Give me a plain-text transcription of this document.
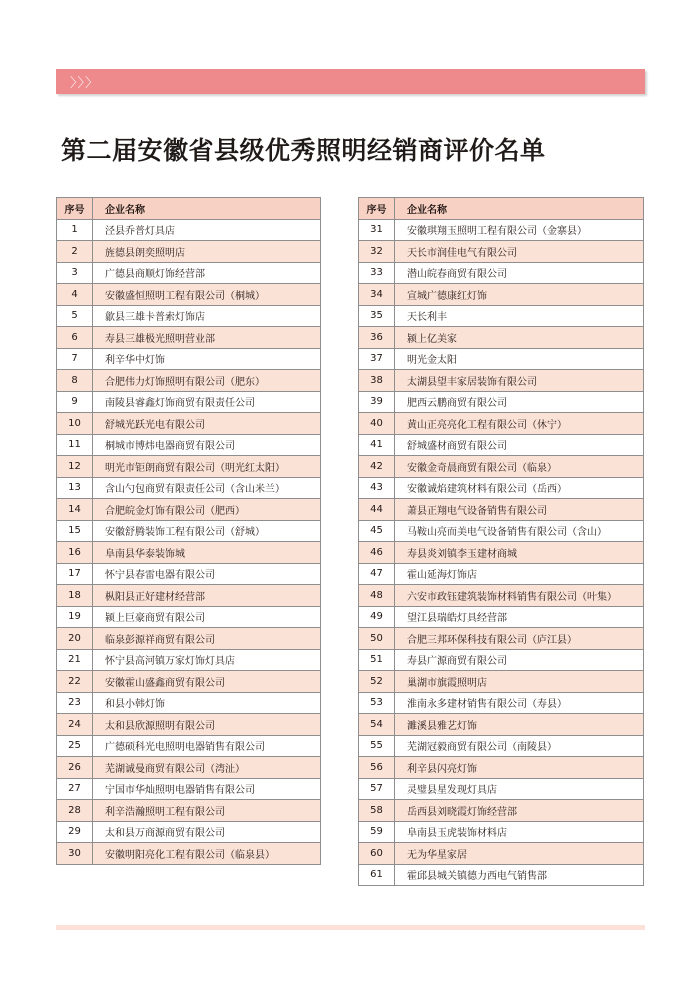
〉〉〉
第二届安徽省县级优秀照明经销商评价名单
序号	企业名称
1	泾县乔普灯具店
2	旌德县朗奕照明店
3	广德县商顺灯饰经营部
4	安徽盛恒照明工程有限公司（桐城）
5	歙县三雄卡普索灯饰店
6	寿县三雄极光照明营业部
7	利辛华中灯饰
8	合肥伟力灯饰照明有限公司（肥东）
9	南陵县睿鑫灯饰商贸有限责任公司
10	舒城光跃光电有限公司
11	桐城市博炜电器商贸有限公司
12	明光市钜朗商贸有限公司（明光红太阳）
13	含山勺包商贸有限责任公司（含山米兰）
14	合肥皖金灯饰有限公司（肥西）
15	安徽舒腾装饰工程有限公司（舒城）
16	阜南县华泰装饰城
17	怀宁县春雷电器有限公司
18	枞阳县正好建材经营部
19	颍上巨豪商贸有限公司
20	临泉彭源祥商贸有限公司
21	怀宁县高河镇万家灯饰灯具店
22	安徽霍山盛鑫商贸有限公司
23	和县小韩灯饰
24	太和县欣源照明有限公司
25	广德硕科光电照明电器销售有限公司
26	芜湖诚曼商贸有限公司（湾沚）
27	宁国市华灿照明电器销售有限公司
28	利辛浩瀚照明工程有限公司
29	太和县万商源商贸有限公司
30	安徽明阳亮化工程有限公司（临泉县）
序号	企业名称
31	安徽琪翔玉照明工程有限公司（金寨县）
32	天长市润佳电气有限公司
33	潜山皖春商贸有限公司
34	宣城广德康红灯饰
35	天长利丰
36	颍上亿美家
37	明光金太阳
38	太湖县望丰家居装饰有限公司
39	肥西云鹏商贸有限公司
40	黄山正亮亮化工程有限公司（休宁）
41	舒城盛材商贸有限公司
42	安徽金奇晨商贸有限公司（临泉）
43	安徽诚焰建筑材料有限公司（岳西）
44	萧县正翔电气设备销售有限公司
45	马鞍山亮而美电气设备销售有限公司（含山）
46	寿县炎刘镇李玉建材商城
47	霍山延海灯饰店
48	六安市政钰建筑装饰材料销售有限公司（叶集）
49	望江县瑞皓灯具经营部
50	合肥三邦环保科技有限公司（庐江县）
51	寿县广源商贸有限公司
52	巢湖市旗霞照明店
53	淮南永多建材销售有限公司（寿县）
54	濉溪县雅艺灯饰
55	芜湖冠毅商贸有限公司（南陵县）
56	利辛县闪亮灯饰
57	灵璧县星发现灯具店
58	岳西县刘晓霞灯饰经营部
59	阜南县玉虎装饰材料店
60	无为华星家居
61	霍邱县城关镇德力西电气销售部
